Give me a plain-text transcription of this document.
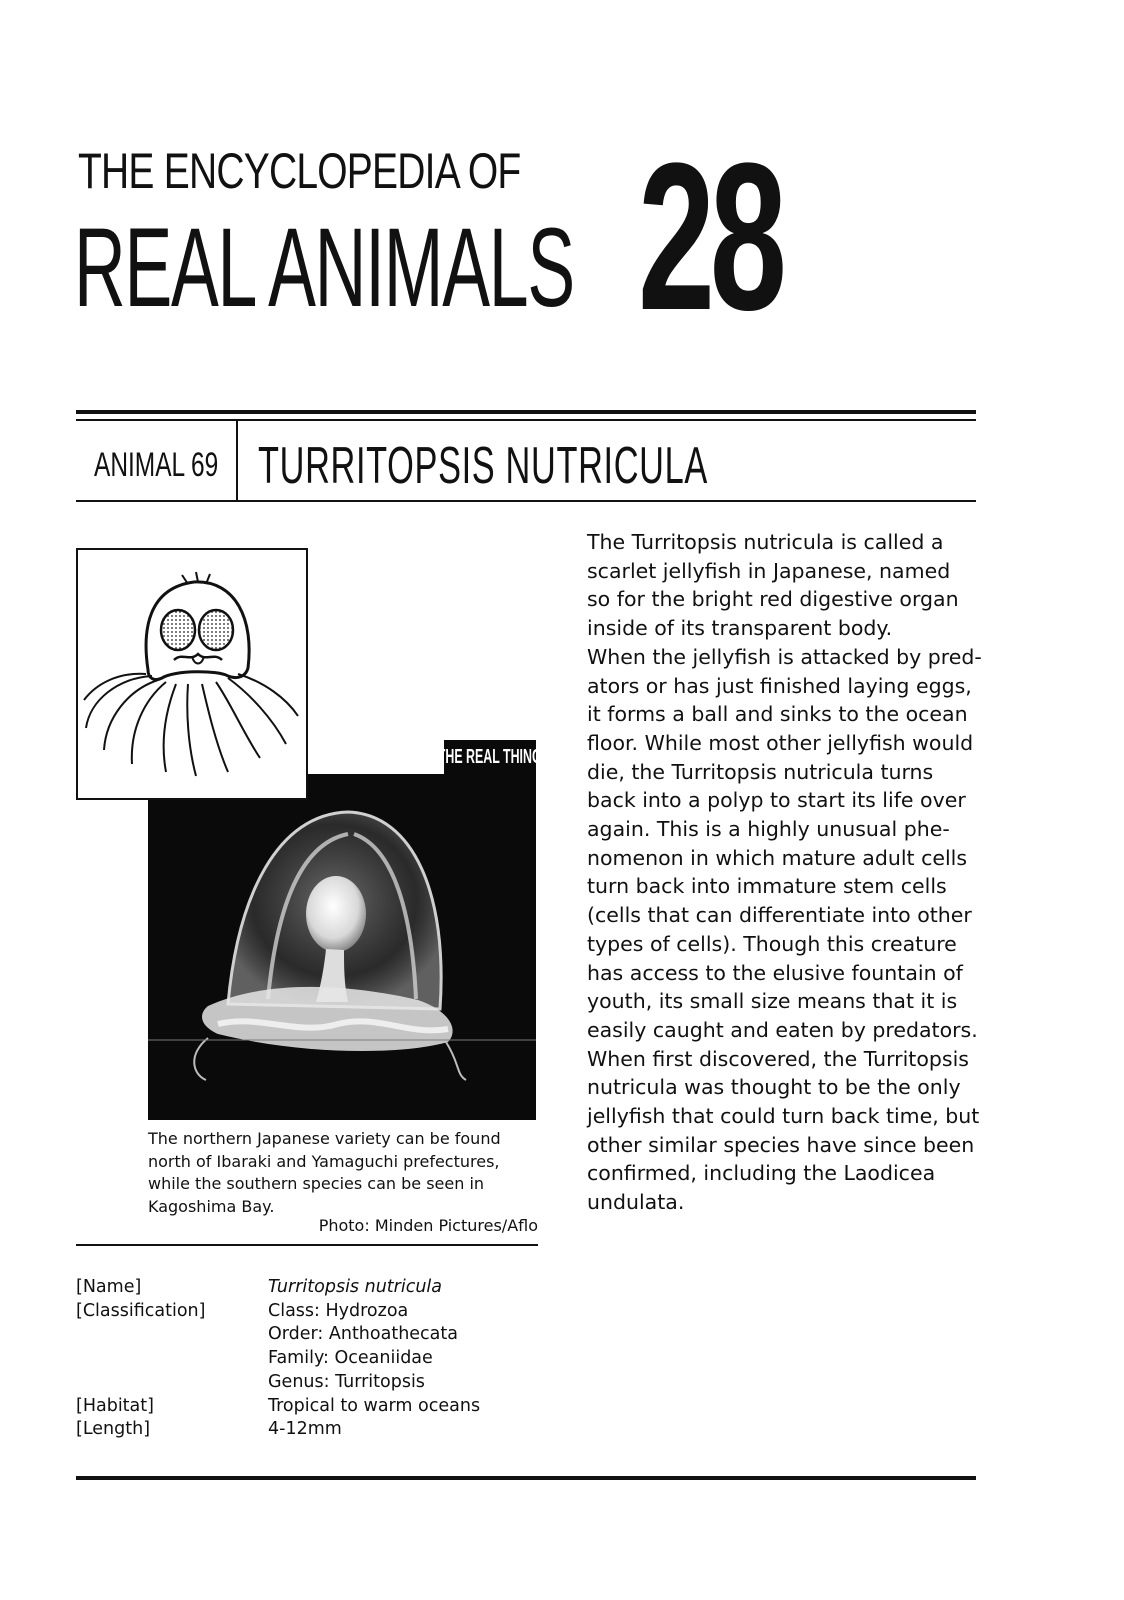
THE ENCYCLOPEDIA OF
REAL ANIMALS 28
ANIMAL 69 TURRITOPSIS NUTRICULA
THE REAL THING
The northern Japanese variety can be found north of Ibaraki and Yamaguchi prefectures, while the southern species can be seen in Kagoshima Bay.
Photo: Minden Pictures/Aflo
The Turritopsis nutricula is called a
scarlet jellyfish in Japanese, named
so for the bright red digestive organ
inside of its transparent body.
When the jellyfish is attacked by pred-
ators or has just finished laying eggs,
it forms a ball and sinks to the ocean
floor. While most other jellyfish would
die, the Turritopsis nutricula turns
back into a polyp to start its life over
again. This is a highly unusual phe-
nomenon in which mature adult cells
turn back into immature stem cells
(cells that can differentiate into other
types of cells). Though this creature
has access to the elusive fountain of
youth, its small size means that it is
easily caught and eaten by predators.
When first discovered, the Turritopsis
nutricula was thought to be the only
jellyfish that could turn back time, but
other similar species have since been
confirmed, including the Laodicea
undulata.
[Name]	Turritopsis nutricula
[Classification]	Class: Hydrozoa
Order: Anthoathecata
Family: Oceaniidae
Genus: Turritopsis
[Habitat]	Tropical to warm oceans
[Length]	4-12mm
